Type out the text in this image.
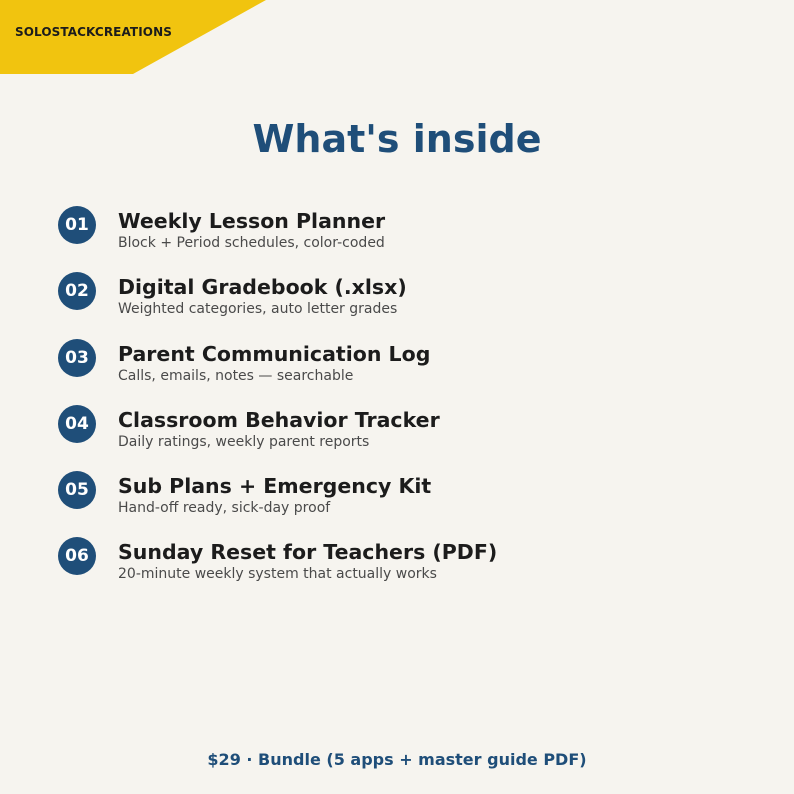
SOLOSTACKCREATIONS
What's inside
01	Weekly Lesson Planner
Block + Period schedules, color-coded
02	Digital Gradebook (.xlsx)
Weighted categories, auto letter grades
03	Parent Communication Log
Calls, emails, notes — searchable
04	Classroom Behavior Tracker
Daily ratings, weekly parent reports
05	Sub Plans + Emergency Kit
Hand-off ready, sick-day proof
06	Sunday Reset for Teachers (PDF)
20-minute weekly system that actually works
$29 · Bundle (5 apps + master guide PDF)
